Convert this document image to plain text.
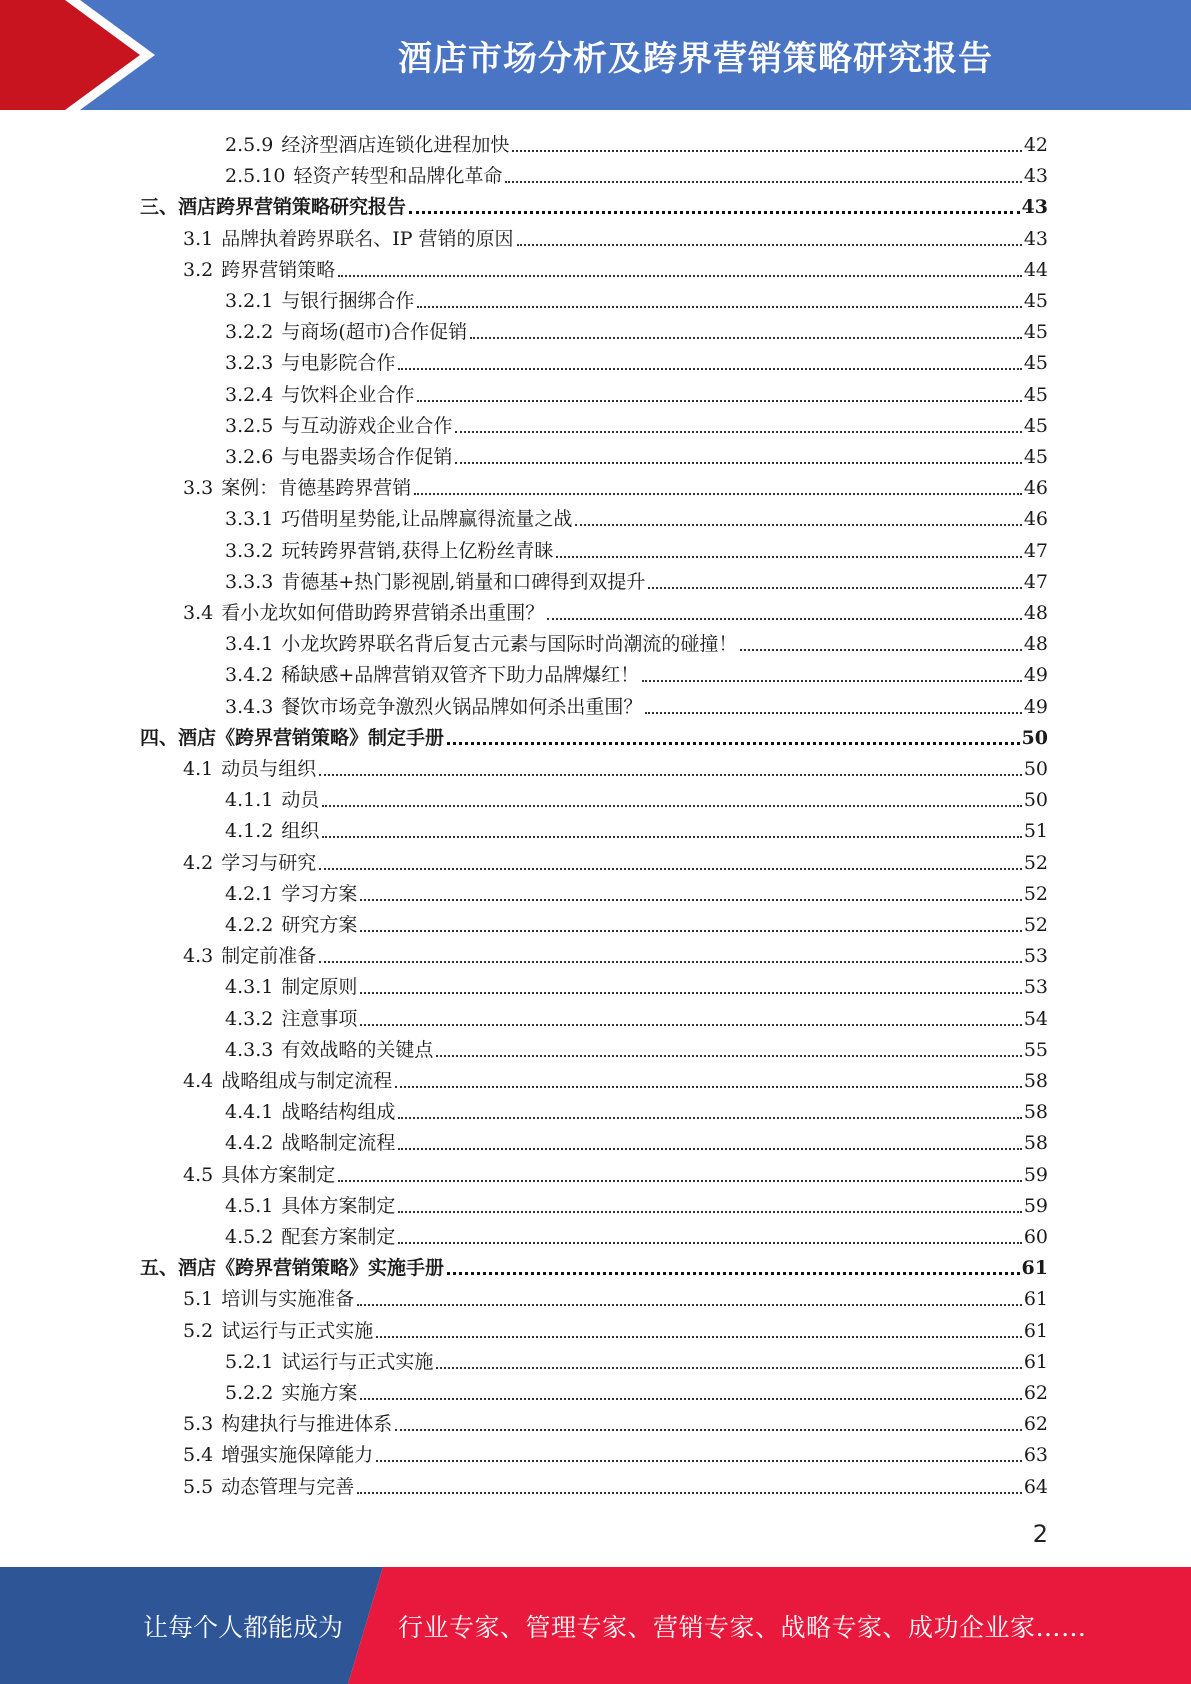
酒店市场分析及跨界营销策略研究报告
2.5.9 经济型酒店连锁化进程加快	42
2.5.10 轻资产转型和品牌化革命	43
三、酒店跨界营销策略研究报告	43
3.1 品牌执着跨界联名、IP 营销的原因	43
3.2 跨界营销策略	44
3.2.1 与银行捆绑合作	45
3.2.2 与商场(超市)合作促销	45
3.2.3 与电影院合作	45
3.2.4 与饮料企业合作	45
3.2.5 与互动游戏企业合作	45
3.2.6 与电器卖场合作促销	45
3.3 案例：肯德基跨界营销	46
3.3.1 巧借明星势能,让品牌赢得流量之战	46
3.3.2 玩转跨界营销,获得上亿粉丝青睐	47
3.3.3 肯德基+热门影视剧,销量和口碑得到双提升	47
3.4 看小龙坎如何借助跨界营销杀出重围？	48
3.4.1 小龙坎跨界联名背后复古元素与国际时尚潮流的碰撞！	48
3.4.2 稀缺感+品牌营销双管齐下助力品牌爆红！	49
3.4.3 餐饮市场竞争激烈火锅品牌如何杀出重围？	49
四、酒店《跨界营销策略》制定手册	50
4.1 动员与组织	50
4.1.1 动员	50
4.1.2 组织	51
4.2 学习与研究	52
4.2.1 学习方案	52
4.2.2 研究方案	52
4.3 制定前准备	53
4.3.1 制定原则	53
4.3.2 注意事项	54
4.3.3 有效战略的关键点	55
4.4 战略组成与制定流程	58
4.4.1 战略结构组成	58
4.4.2 战略制定流程	58
4.5 具体方案制定	59
4.5.1 具体方案制定	59
4.5.2 配套方案制定	60
五、酒店《跨界营销策略》实施手册	61
5.1 培训与实施准备	61
5.2 试运行与正式实施	61
5.2.1 试运行与正式实施	61
5.2.2 实施方案	62
5.3 构建执行与推进体系	62
5.4 增强实施保障能力	63
5.5 动态管理与完善	64
2
让每个人都能成为 行业专家、管理专家、营销专家、战略专家、成功企业家……
